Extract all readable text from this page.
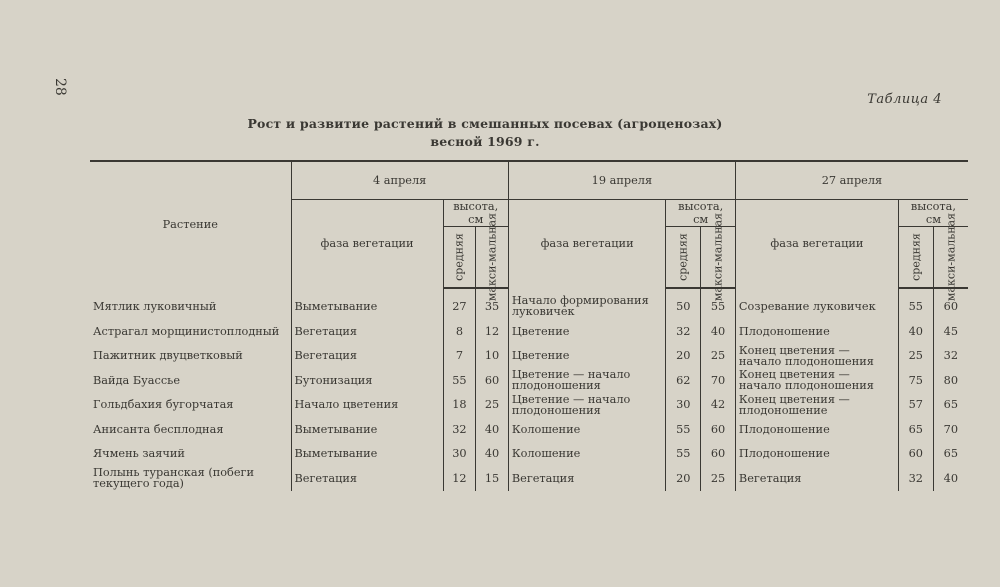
28
Таблица 4
Рост и развитие растений в смешанных посевах (агроценозах)
весной 1969 г.
Растение	4 апреля			19 апреля			27 апреля		
	фаза вегетации	высота, см		фаза вегетации	высота, см		фаза вегетации	высота, см	

		средняя	макси-мальная		средняя	макси-мальная		средняя	макси-мальная

Мятлик луковичный	Выметывание	27	35	Начало формирования луковичек	50	55	Созревание луковичек	55	60
Астрагал морщинистоплодный	Вегетация	8	12	Цветение	32	40	Плодоношение	40	45
Пажитник двуцветковый	Вегетация	7	10	Цветение	20	25	Конец цветения — начало плодоношения	25	32
Вайда Буассье	Бутонизация	55	60	Цветение — начало плодоношения	62	70	Конец цветения — начало плодоношения	75	80
Гольдбахия бугорчатая	Начало цветения	18	25	Цветение — начало плодоношения	30	42	Конец цветения — плодоношение	57	65
Анисанта бесплодная	Выметывание	32	40	Колошение	55	60	Плодоношение	65	70
Ячмень заячий	Выметывание	30	40	Колошение	55	60	Плодоношение	60	65
Полынь туранская (побеги текущего года)	Вегетация	12	15	Вегетация	20	25	Вегетация	32	40
